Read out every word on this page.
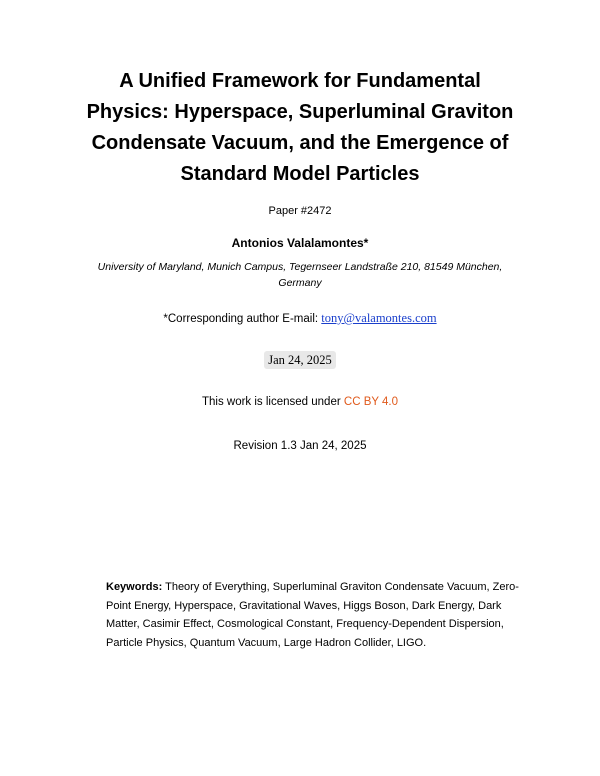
A Unified Framework for Fundamental
Physics: Hyperspace, Superluminal Graviton
Condensate Vacuum, and the Emergence of
Standard Model Particles
Paper #2472
Antonios Valalamontes*
University of Maryland, Munich Campus, Tegernseer Landstraße 210, 81549 München,
Germany
*Corresponding author E-mail: tony@valamontes.com
Jan 24, 2025
This work is licensed under CC BY 4.0
Revision 1.3 Jan 24, 2025
Keywords: Theory of Everything, Superluminal Graviton Condensate Vacuum, Zero-Point Energy, Hyperspace, Gravitational Waves, Higgs Boson, Dark Energy, Dark Matter, Casimir Effect, Cosmological Constant, Frequency-Dependent Dispersion, Particle Physics, Quantum Vacuum, Large Hadron Collider, LIGO.
